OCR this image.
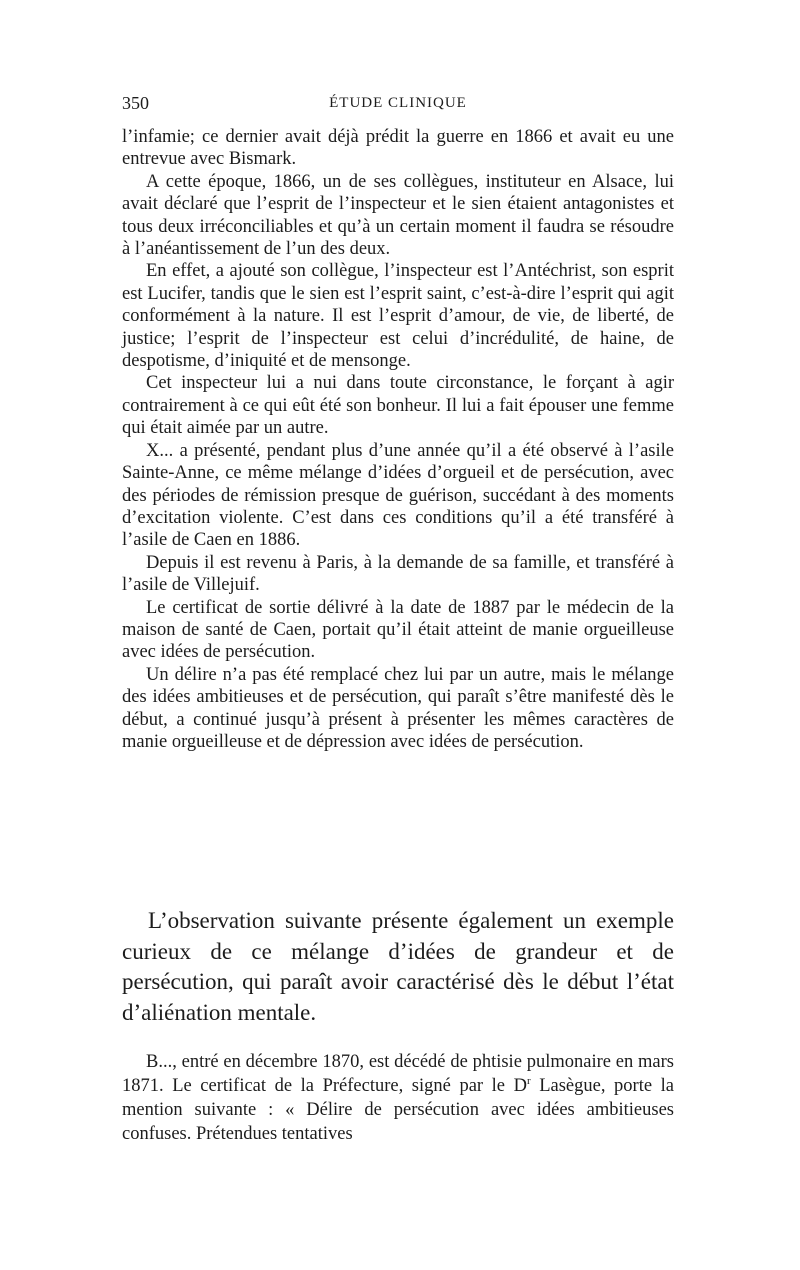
350	ÉTUDE CLINIQUE

l’infamie; ce dernier avait déjà prédit la guerre en 1866 et avait eu une entrevue avec Bismark.

A cette époque, 1866, un de ses collègues, instituteur en Alsace, lui avait déclaré que l’esprit de l’inspecteur et le sien étaient antagonistes et tous deux irréconciliables et qu’à un certain moment il faudra se résoudre à l’anéantissement de l’un des deux.

En effet, a ajouté son collègue, l’inspecteur est l’Antéchrist, son esprit est Lucifer, tandis que le sien est l’esprit saint, c’est-à-dire l’esprit qui agit conformément à la nature. Il est l’esprit d’amour, de vie, de liberté, de justice; l’esprit de l’inspecteur est celui d’incrédulité, de haine, de despotisme, d’iniquité et de mensonge.

Cet inspecteur lui a nui dans toute circonstance, le forçant à agir contrairement à ce qui eût été son bonheur. Il lui a fait épouser une femme qui était aimée par un autre.

X... a présenté, pendant plus d’une année qu’il a été observé à l’asile Sainte-Anne, ce même mélange d’idées d’orgueil et de persécution, avec des périodes de rémission presque de guérison, succédant à des moments d’excitation violente. C’est dans ces conditions qu’il a été transféré à l’asile de Caen en 1886.

Depuis il est revenu à Paris, à la demande de sa famille, et transféré à l’asile de Villejuif.

Le certificat de sortie délivré à la date de 1887 par le médecin de la maison de santé de Caen, portait qu’il était atteint de manie orgueilleuse avec idées de persécution.

Un délire n’a pas été remplacé chez lui par un autre, mais le mélange des idées ambitieuses et de persécution, qui paraît s’être manifesté dès le début, a continué jusqu’à présent à présenter les mêmes caractères de manie orgueilleuse et de dépression avec idées de persécution.

L’observation suivante présente également un exemple curieux de ce mélange d’idées de grandeur et de persécution, qui paraît avoir caractérisé dès le début l’état d’aliénation mentale.

B..., entré en décembre 1870, est décédé de phtisie pulmonaire en mars 1871. Le certificat de la Préfecture, signé par le $D^r$ Lasègue, porte la mention suivante : « Délire de persécution avec idées ambitieuses confuses. Prétendues tentatives
